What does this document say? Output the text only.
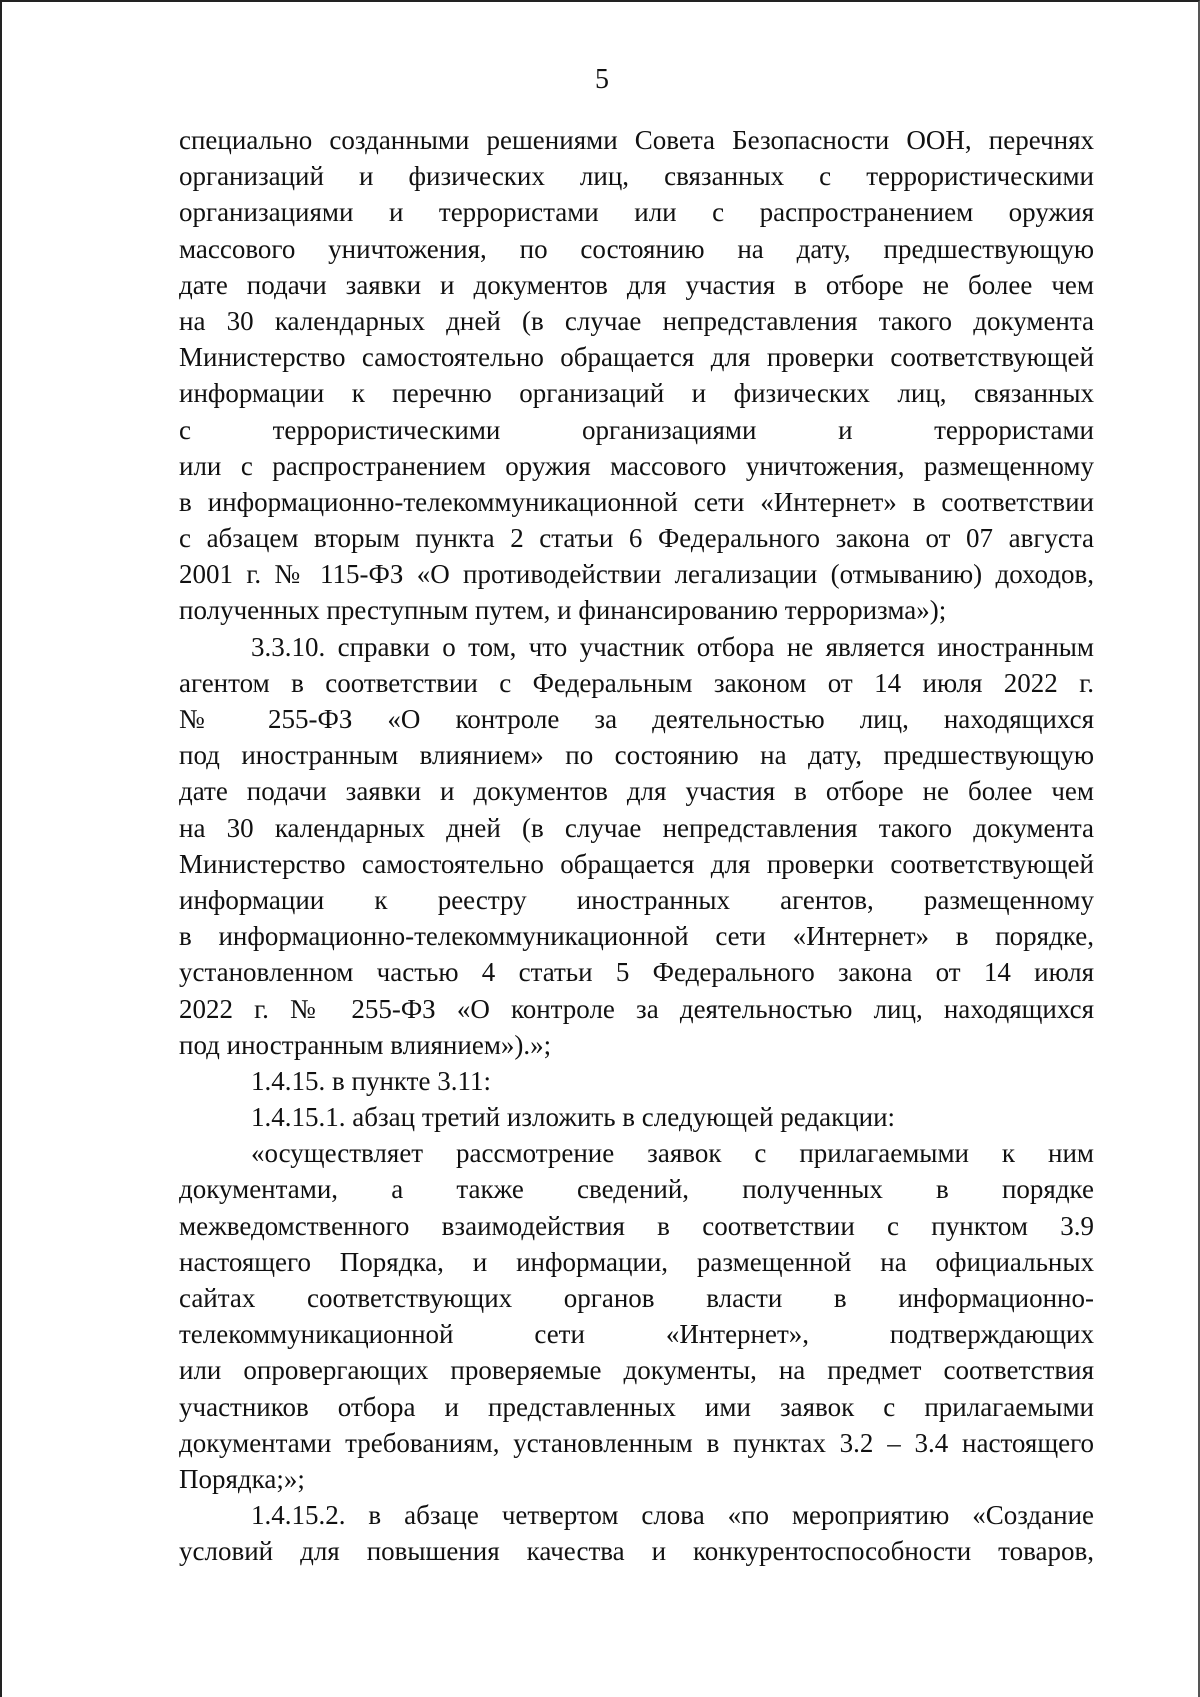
5
специально созданными решениями Совета Безопасности ООН, перечнях
организаций и физических лиц, связанных с террористическими
организациями и террористами или с распространением оружия
массового уничтожения, по состоянию на дату, предшествующую
дате подачи заявки и документов для участия в отборе не более чем
на 30 календарных дней (в случае непредставления такого документа
Министерство самостоятельно обращается для проверки соответствующей
информации к перечню организаций и физических лиц, связанных
с террористическими организациями и террористами
или с распространением оружия массового уничтожения, размещенному
в информационно-телекоммуникационной сети «Интернет» в соответствии
с абзацем вторым пункта 2 статьи 6 Федерального закона от 07 августа
2001 г. № 115-ФЗ «О противодействии легализации (отмыванию) доходов,
полученных преступным путем, и финансированию терроризма»);
3.3.10. справки о том, что участник отбора не является иностранным
агентом в соответствии с Федеральным законом от 14 июля 2022 г.
№ 255-ФЗ «О контроле за деятельностью лиц, находящихся
под иностранным влиянием» по состоянию на дату, предшествующую
дате подачи заявки и документов для участия в отборе не более чем
на 30 календарных дней (в случае непредставления такого документа
Министерство самостоятельно обращается для проверки соответствующей
информации к реестру иностранных агентов, размещенному
в информационно-телекоммуникационной сети «Интернет» в порядке,
установленном частью 4 статьи 5 Федерального закона от 14 июля
2022 г. № 255-ФЗ «О контроле за деятельностью лиц, находящихся
под иностранным влиянием»).»;
1.4.15. в пункте 3.11:
1.4.15.1. абзац третий изложить в следующей редакции:
«осуществляет рассмотрение заявок с прилагаемыми к ним
документами, а также сведений, полученных в порядке
межведомственного взаимодействия в соответствии с пунктом 3.9
настоящего Порядка, и информации, размещенной на официальных
сайтах соответствующих органов власти в информационно-
телекоммуникационной сети «Интернет», подтверждающих
или опровергающих проверяемые документы, на предмет соответствия
участников отбора и представленных ими заявок с прилагаемыми
документами требованиям, установленным в пунктах 3.2 – 3.4 настоящего
Порядка;»;
1.4.15.2. в абзаце четвертом слова «по мероприятию «Создание
условий для повышения качества и конкурентоспособности товаров,
